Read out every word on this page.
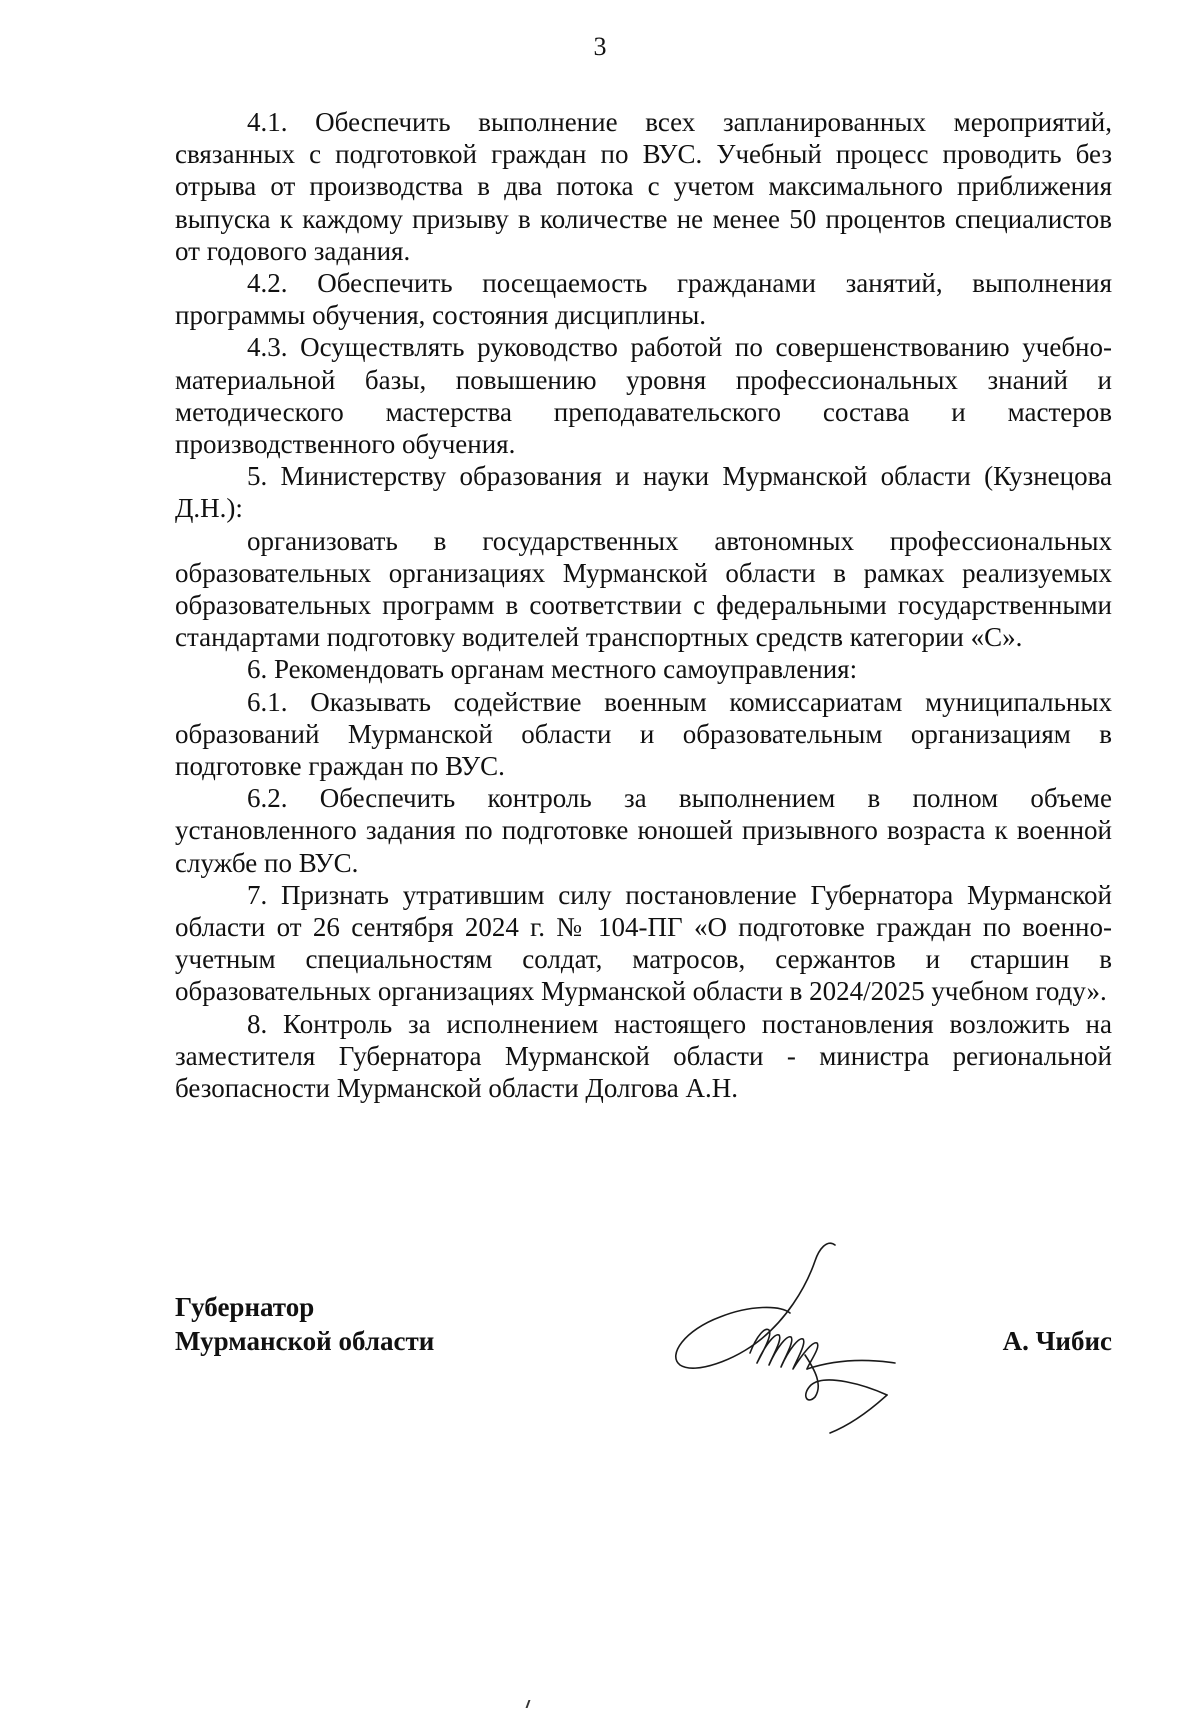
3

4.1. Обеспечить выполнение всех запланированных мероприятий, связанных с подготовкой граждан по ВУС. Учебный процесс проводить без отрыва от производства в два потока с учетом максимального приближения выпуска к каждому призыву в количестве не менее 50 процентов специалистов от годового задания.

4.2. Обеспечить посещаемость гражданами занятий, выполнения программы обучения, состояния дисциплины.

4.3. Осуществлять руководство работой по совершенствованию учебно-материальной базы, повышению уровня профессиональных знаний и методического мастерства преподавательского состава и мастеров производственного обучения.

5. Министерству образования и науки Мурманской области (Кузнецова Д.Н.):

организовать в государственных автономных профессиональных образовательных организациях Мурманской области в рамках реализуемых образовательных программ в соответствии с федеральными государственными стандартами подготовку водителей транспортных средств категории «С».

6. Рекомендовать органам местного самоуправления:

6.1. Оказывать содействие военным комиссариатам муниципальных образований Мурманской области и образовательным организациям в подготовке граждан по ВУС.

6.2. Обеспечить контроль за выполнением в полном объеме установленного задания по подготовке юношей призывного возраста к военной службе по ВУС.

7. Признать утратившим силу постановление Губернатора Мурманской области от 26 сентября 2024 г. № 104-ПГ «О подготовке граждан по военно-учетным специальностям солдат, матросов, сержантов и старшин в образовательных организациях Мурманской области в 2024/2025 учебном году».

8. Контроль за исполнением настоящего постановления возложить на заместителя Губернатора Мурманской области - министра региональной безопасности Мурманской области Долгова А.Н.

Губернатор
Мурманской области	А. Чибис
